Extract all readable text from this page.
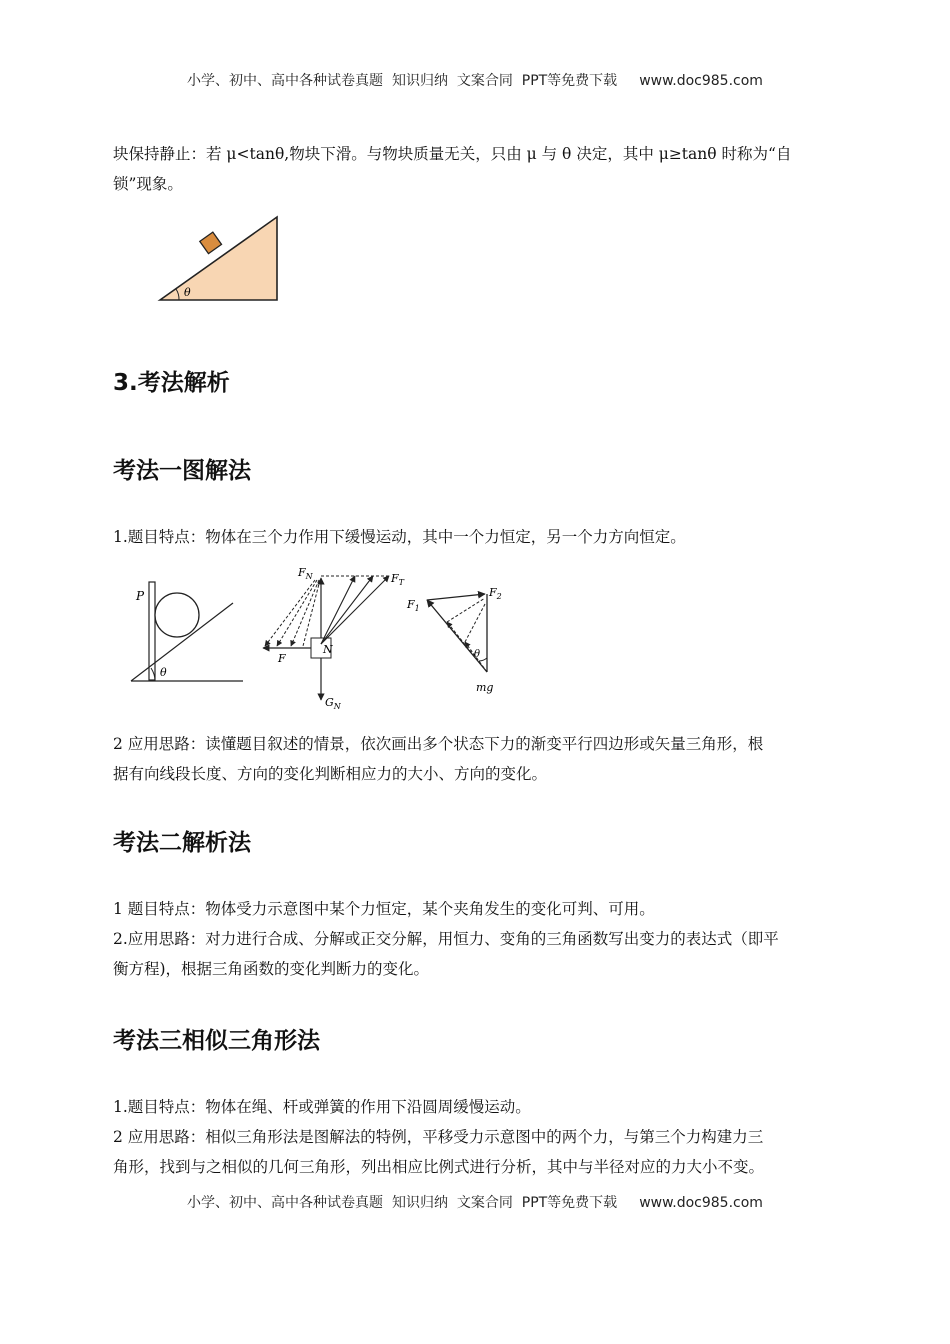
小学、初中、高中各种试卷真题  知识归纳  文案合同  PPT等免费下载 www.doc985.com
块保持静止：若 μ<tanθ,物块下滑。与物块质量无关，只由 μ 与 θ 决定，其中 μ≥tanθ 时称为“自
锁”现象。
θ
3.考法解析
考法一图解法
1.题目特点：物体在三个力作用下缓慢运动，其中一个力恒定，另一个力方向恒定。
P
θ
$F_N$	$F_T$
F
N
$G_N$
$F_1$
$F_2$
θ
mg
2 应用思路：读懂题目叙述的情景，依次画出多个状态下力的渐变平行四边形或矢量三角形，根
据有向线段长度、方向的变化判断相应力的大小、方向的变化。
考法二解析法
1 题目特点：物体受力示意图中某个力恒定，某个夹角发生的变化可判、可用。
2.应用思路：对力进行合成、分解或正交分解，用恒力、变角的三角函数写出变力的表达式（即平
衡方程)，根据三角函数的变化判断力的变化。
考法三相似三角形法
1.题目特点：物体在绳、杆或弹簧的作用下沿圆周缓慢运动。
2 应用思路：相似三角形法是图解法的特例，平移受力示意图中的两个力，与第三个力构建力三
角形，找到与之相似的几何三角形，列出相应比例式进行分析，其中与半径对应的力大小不变。
小学、初中、高中各种试卷真题  知识归纳  文案合同  PPT等免费下载 www.doc985.com
